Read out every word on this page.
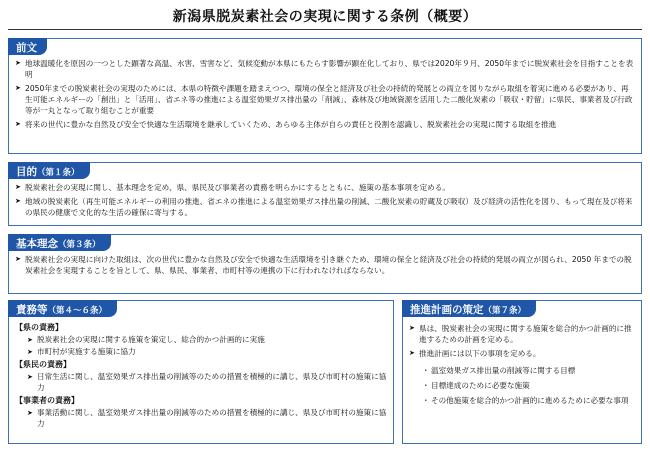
新潟県脱炭素社会の実現に関する条例（概要）
前文
➤ 地球温暖化を原因の一つとした顕著な高温、水害、雪害など、気候変動が本県にもたらす影響が顕在化しており、県では2020年９月、2050年までに脱炭素社会を目指すことを表明
➤ 2050年までの脱炭素社会の実現のためには、本県の特徴や課題を踏まえつつ、環境の保全と経済及び社会の持続的発展との両立を図りながら取組を着実に進める必要があり、再生可能エネルギーの「創出」と「活用」、省エネ等の推進による温室効果ガス排出量の「削減」、森林及び地域資源を活用した二酸化炭素の「吸収・貯留」に県民、事業者及び行政等が一丸となって取り組むことが重要
➤ 将来の世代に豊かな自然及び安全で快適な生活環境を継承していくため、あらゆる主体が自らの責任と役割を認識し、脱炭素社会の実現に関する取組を推進
目的（第１条）
➤ 脱炭素社会の実現に関し、基本理念を定め、県、県民及び事業者の責務を明らかにするとともに、施策の基本事項を定める。
➤ 地域の脱炭素化（再生可能エネルギーの利用の推進、省エネの推進による温室効果ガス排出量の削減、二酸化炭素の貯蔵及び吸収）及び経済の活性化を図り、もって現在及び将来の県民の健康で文化的な生活の確保に寄与する。
基本理念（第３条）
➤ 脱炭素社会の実現に向けた取組は、次の世代に豊かな自然及び安全で快適な生活環境を引き継ぐため、環境の保全と経済及び社会の持続的発展の両立が図られ、2050 年までの脱炭素社会を実現することを旨として、県、県民、事業者、市町村等の連携の下に行われなければならない。
責務等（第４〜６条）
【県の責務】
➤ 脱炭素社会の実現に関する施策を策定し、総合的かつ計画的に実施
➤ 市町村が実施する施策に協力
【県民の責務】
➤ 日常生活に関し、温室効果ガス排出量の削減等のための措置を積極的に講じ、県及び市町村の施策に協力
【事業者の責務】
➤ 事業活動に関し、温室効果ガス排出量の削減等のための措置を積極的に講じ、県及び市町村の施策に協力
推進計画の策定（第７条）
➤ 県は、脱炭素社会の実現に関する施策を総合的かつ計画的に推進するための計画を定める。
➤ 推進計画には以下の事項を定める。
・ 温室効果ガス排出量の削減等に関する目標
・ 目標達成のために必要な施策
・ その他施策を総合的かつ計画的に進めるために必要な事項
